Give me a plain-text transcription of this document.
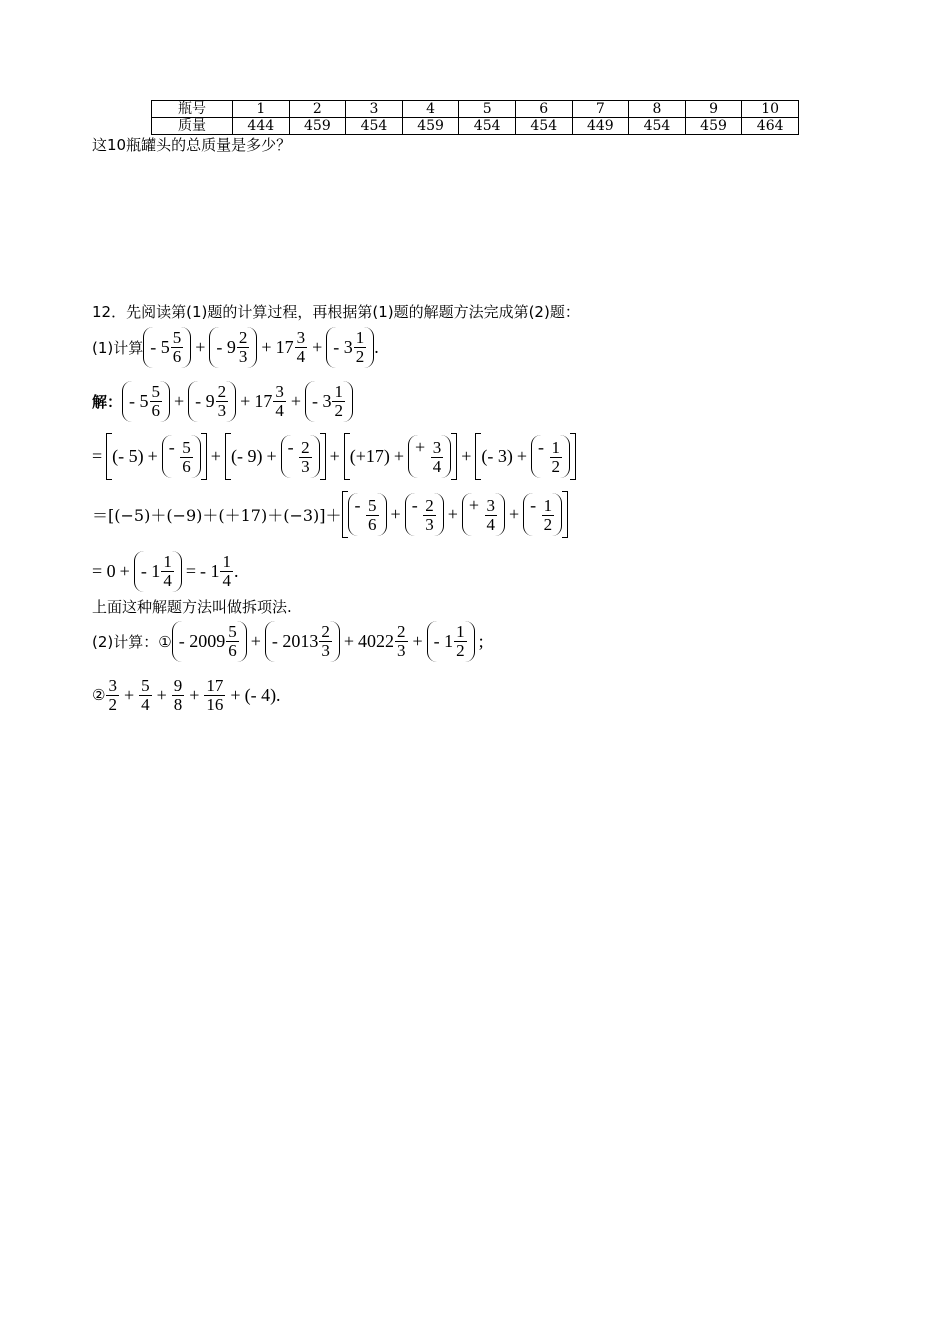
瓶号	1	2	3	4	5	6	7	8	9	10
质量	444	459	454	459	454	454	449	454	459	464
这10瓶罐头的总质量是多少？
12．先阅读第(1)题的计算过程，再根据第(1)题的解题方法完成第(2)题：
(1)计算 - 5 5
6 + - 9 2
$3 + 17 \frac{3}{4}$ + - 3 1
2 .
解： - 5 5
6 + - 9 2
$3 + 17 \frac{3}{4}$ + - 3 1
2
= (- 5) + - $\frac{5}{6}$ + (- 9) + - $\frac{2}{3} + (+17)$ + + $\frac{3}{4}$ + (- 3) + - $\frac{1}{2}$
＝[(−5)＋(−9)＋(＋17)＋(−3)]＋
- $\frac{5}{6}$ + - $\frac{2}{3}$ + + $\frac{3}{4}$ + - $\frac{1}{2}$
= 0 + - 1 1
4 = - $1 \frac{1}{4}$ .
上面这种解题方法叫做拆项法.
(2)计算：① - 2009 5
6 + - 2013 2
$3 + 4022 \frac{2}{3}$ + - 1 1
2 ;
②
3
$2 + \frac{5}{4} + \frac{9}{8} + \frac{17}{16}$ + (- 4).
